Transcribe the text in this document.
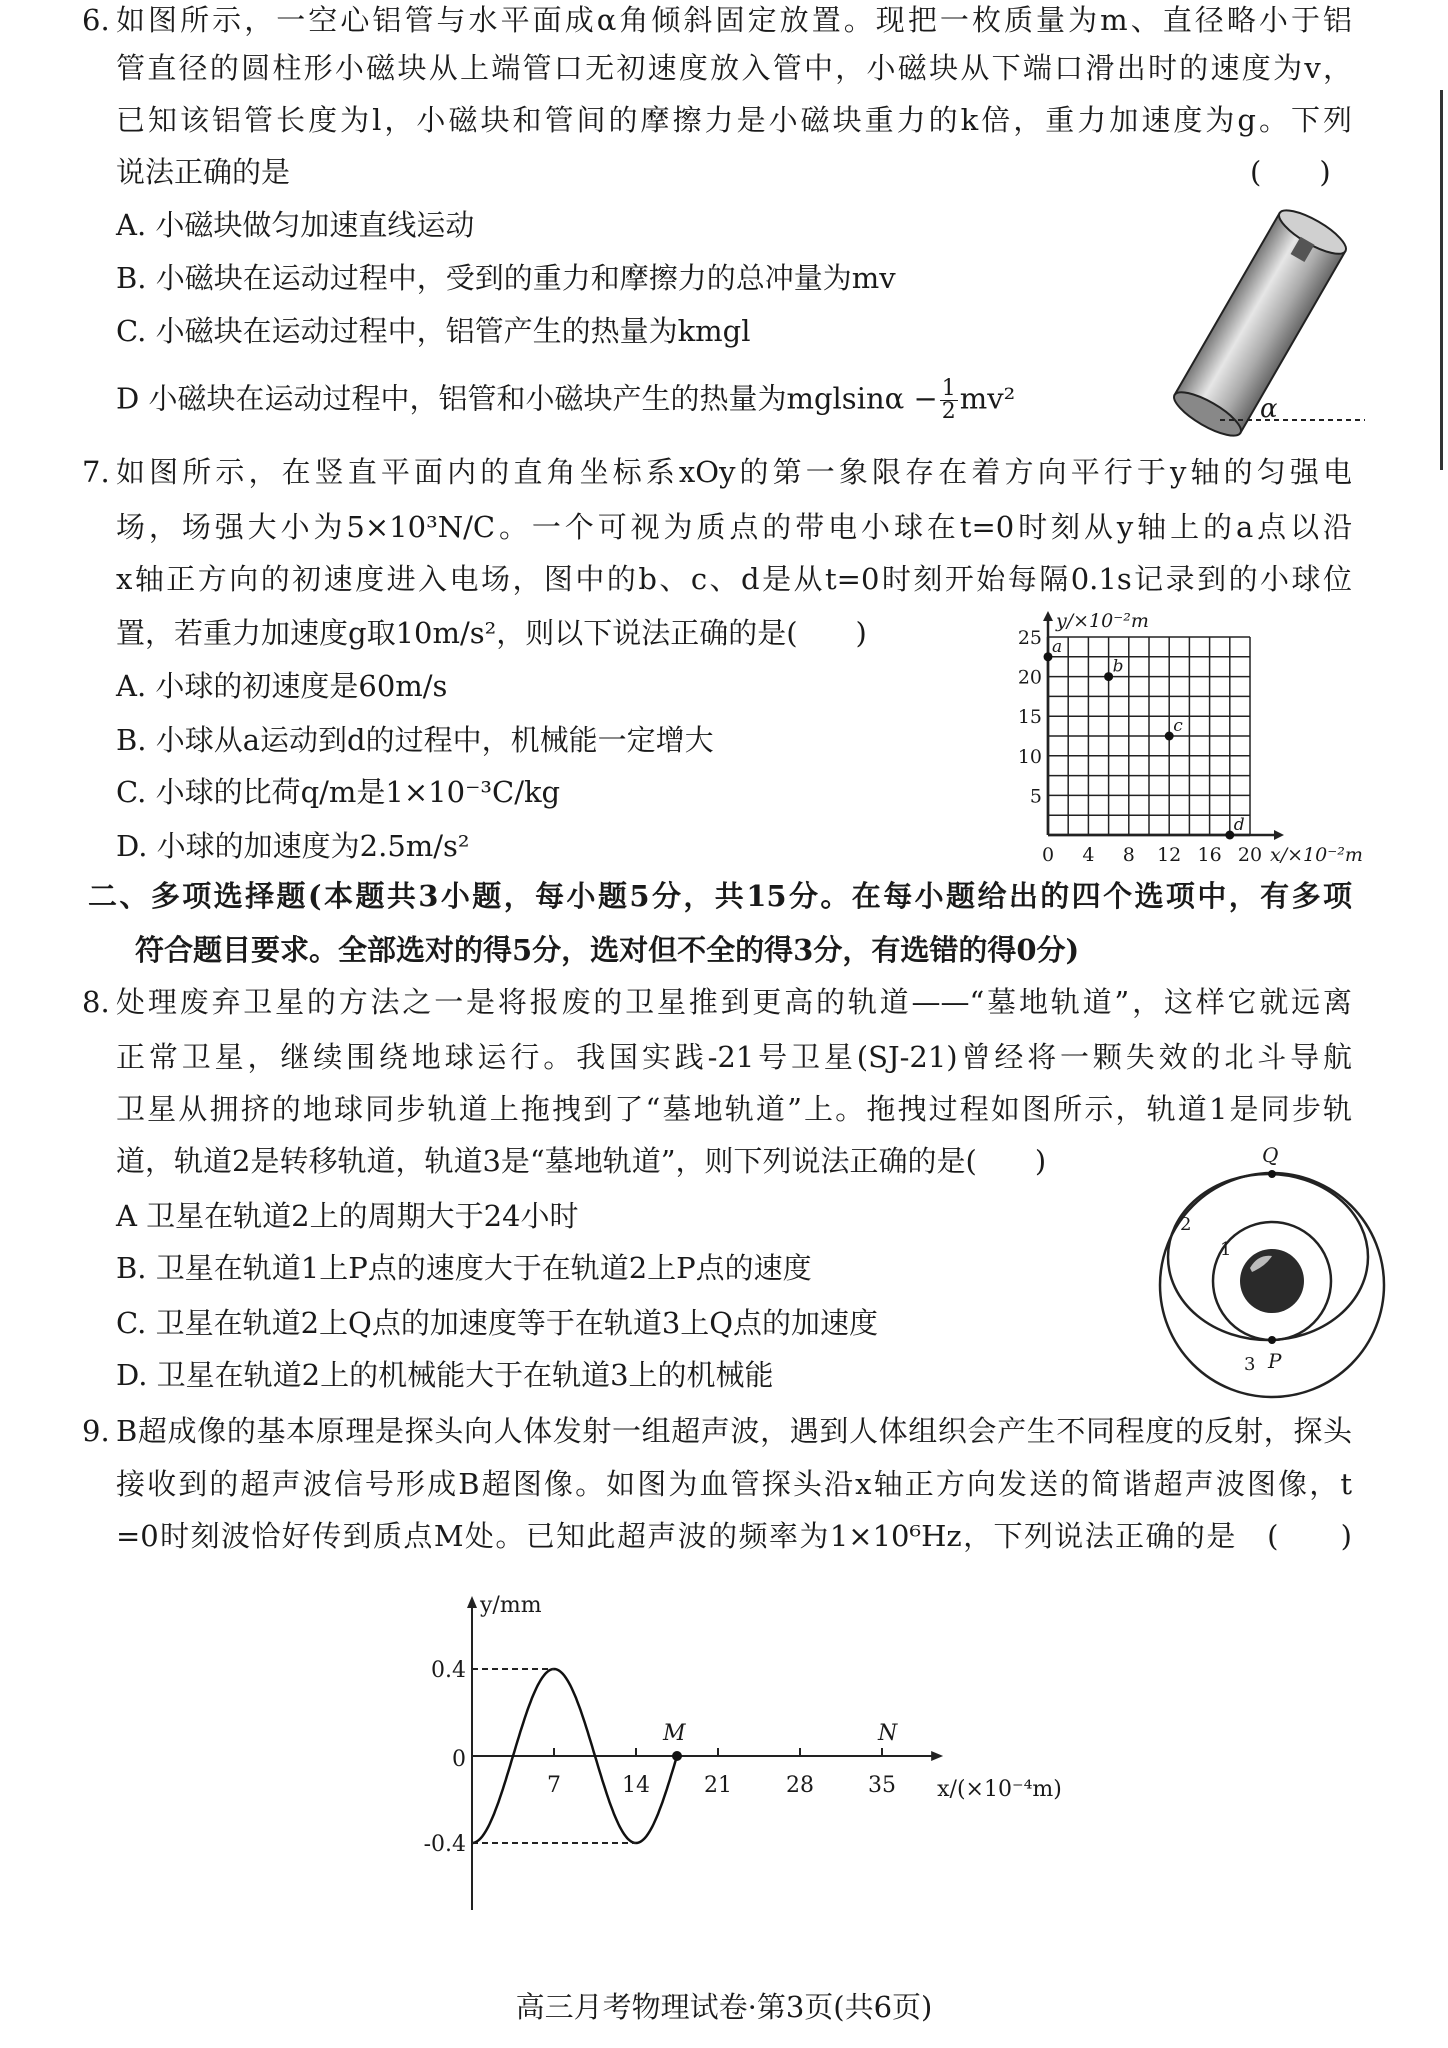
6. 如图所示，一空心铝管与水平面成α角倾斜固定放置。现把一枚质量为m、直径略小于铝
管直径的圆柱形小磁块从上端管口无初速度放入管中，小磁块从下端口滑出时的速度为v，
已知该铝管长度为l，小磁块和管间的摩擦力是小磁块重力的k倍，重力加速度为g。下列
说法正确的是	(　　)
A. 小磁块做匀加速直线运动
B. 小磁块在运动过程中，受到的重力和摩擦力的总冲量为mv
C. 小磁块在运动过程中，铝管产生的热量为kmgl
D 小磁块在运动过程中，铝管和小磁块产生的热量为$mglsin\alpha - \frac{1}{2} mv^2$	α
7. 如图所示，在竖直平面内的直角坐标系xOy的第一象限存在着方向平行于y轴的匀强电
场，场强大小为5×10³N/C。一个可视为质点的带电小球在t=0时刻从y轴上的a点以沿
x轴正方向的初速度进入电场，图中的b、c、d是从t=0时刻开始每隔0.1s记录到的小球位
置，若重力加速度g取10m/s²，则以下说法正确的是(　　)
A. 小球的初速度是60m/s
B. 小球从a运动到d的过程中，机械能一定增大
C. 小球的比荷q/m是1×10⁻³C/kg
D. 小球的加速度为2.5m/s²	0 4 8 12 16 20
5
10
15
20
25
x/×10⁻²m
y/×10⁻²m
a
b
c
d
二、多项选择题(本题共3小题，每小题5分，共15分。在每小题给出的四个选项中，有多项
符合题目要求。全部选对的得5分，选对但不全的得3分，有选错的得0分)
8. 处理废弃卫星的方法之一是将报废的卫星推到更高的轨道——“墓地轨道”，这样它就远离
正常卫星，继续围绕地球运行。我国实践-21号卫星(SJ-21)曾经将一颗失效的北斗导航
卫星从拥挤的地球同步轨道上拖拽到了“墓地轨道”上。拖拽过程如图所示，轨道1是同步轨
道，轨道2是转移轨道，轨道3是“墓地轨道”，则下列说法正确的是(　　)
A 卫星在轨道2上的周期大于24小时
B. 卫星在轨道1上P点的速度大于在轨道2上P点的速度
C. 卫星在轨道2上Q点的加速度等于在轨道3上Q点的加速度
D. 卫星在轨道2上的机械能大于在轨道3上的机械能
Q
P
1
2
3
9. B超成像的基本原理是探头向人体发射一组超声波，遇到人体组织会产生不同程度的反射，探头
接收到的超声波信号形成B超图像。如图为血管探头沿x轴正方向发送的简谐超声波图像，t
=0时刻波恰好传到质点M处。已知此超声波的频率为1×10⁶Hz，下列说法正确的是　(　　)
7	14 21 28 35
0.4
0
-0.4
x/(×10⁻⁴m)
y/mm
M	N
高三月考物理试卷·第3页(共6页)
